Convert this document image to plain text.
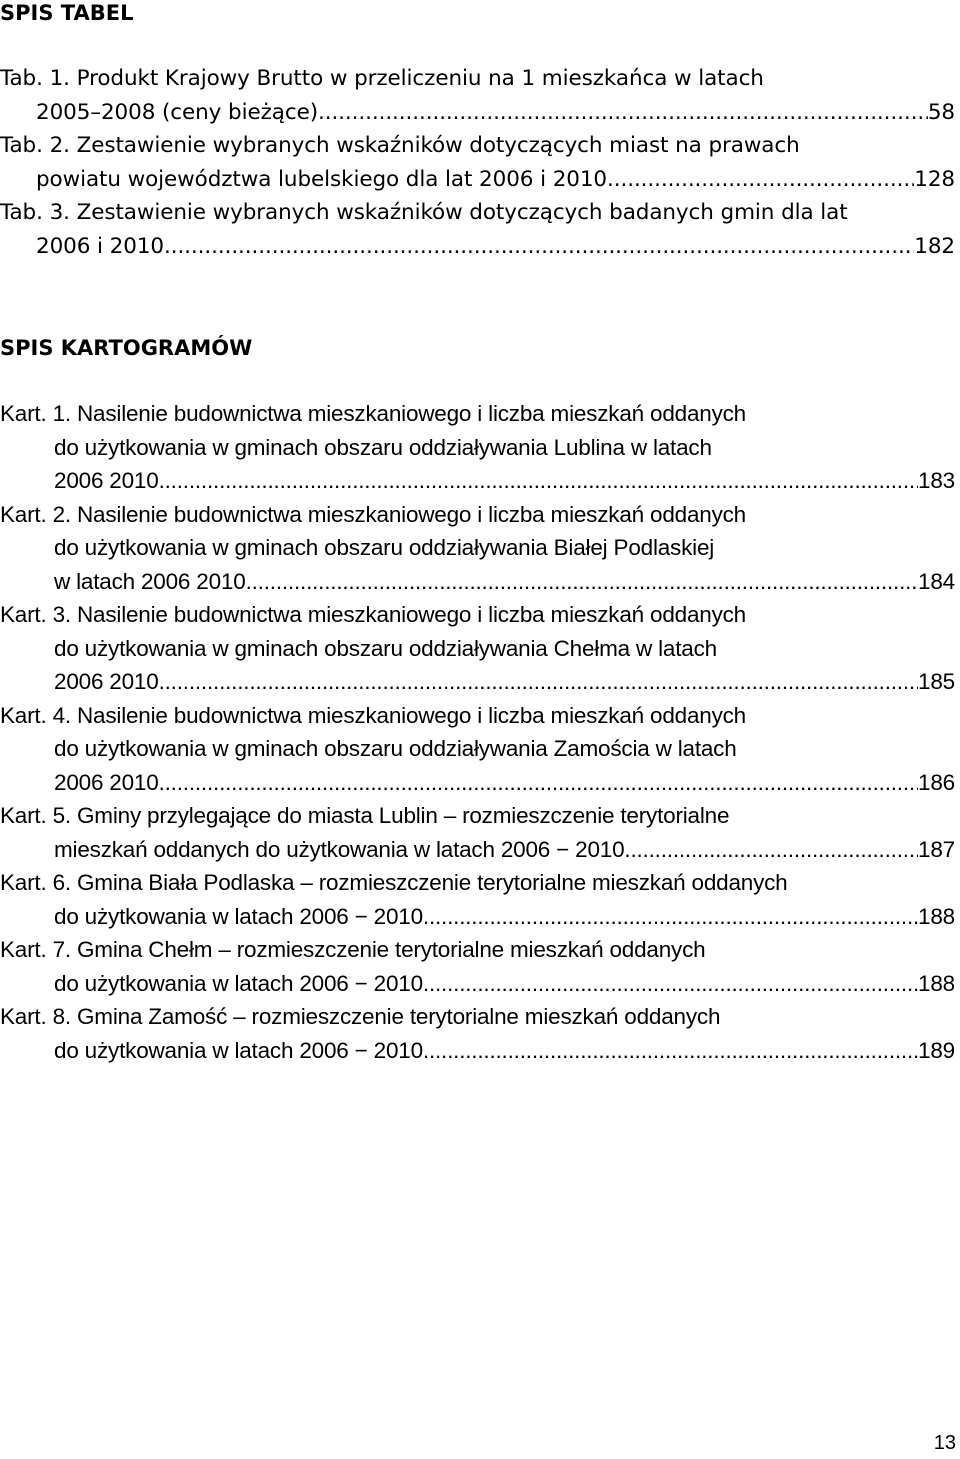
SPIS TABEL
Tab. 1. Produkt Krajowy Brutto w przeliczeniu na 1 mieszkańca w latach
2005–2008 (ceny bieżące). .....	58
Tab. 2. Zestawienie wybranych wskaźników dotyczących miast na prawach
powiatu województwa lubelskiego dla lat 2006 i 2010. .....	128
Tab. 3. Zestawienie wybranych wskaźników dotyczących badanych gmin dla lat
2006 i 2010. .....	182
SPIS KARTOGRAMÓW
Kart. 1. Nasilenie budownictwa mieszkaniowego i liczba mieszkań oddanych
do użytkowania w gminach obszaru oddziaływania Lublina w latach
2006 2010 .....	183
Kart. 2. Nasilenie budownictwa mieszkaniowego i liczba mieszkań oddanych
do użytkowania w gminach obszaru oddziaływania Białej Podlaskiej
w latach 2006 2010 .....	184
Kart. 3. Nasilenie budownictwa mieszkaniowego i liczba mieszkań oddanych
do użytkowania w gminach obszaru oddziaływania Chełma w latach
2006 2010 .....	185
Kart. 4. Nasilenie budownictwa mieszkaniowego i liczba mieszkań oddanych
do użytkowania w gminach obszaru oddziaływania Zamościa w latach
2006 2010 .....	186
Kart. 5. Gminy przylegające do miasta Lublin – rozmieszczenie terytorialne
mieszkań oddanych do użytkowania w latach 2006 − 2010 .....	187
Kart. 6. Gmina Biała Podlaska – rozmieszczenie terytorialne mieszkań oddanych
do użytkowania w latach 2006 − 2010 .....	188
Kart. 7. Gmina Chełm – rozmieszczenie terytorialne mieszkań oddanych
do użytkowania w latach 2006 − 2010 .....	188
Kart. 8. Gmina Zamość – rozmieszczenie terytorialne mieszkań oddanych
do użytkowania w latach 2006 − 2010 .....	189
13
